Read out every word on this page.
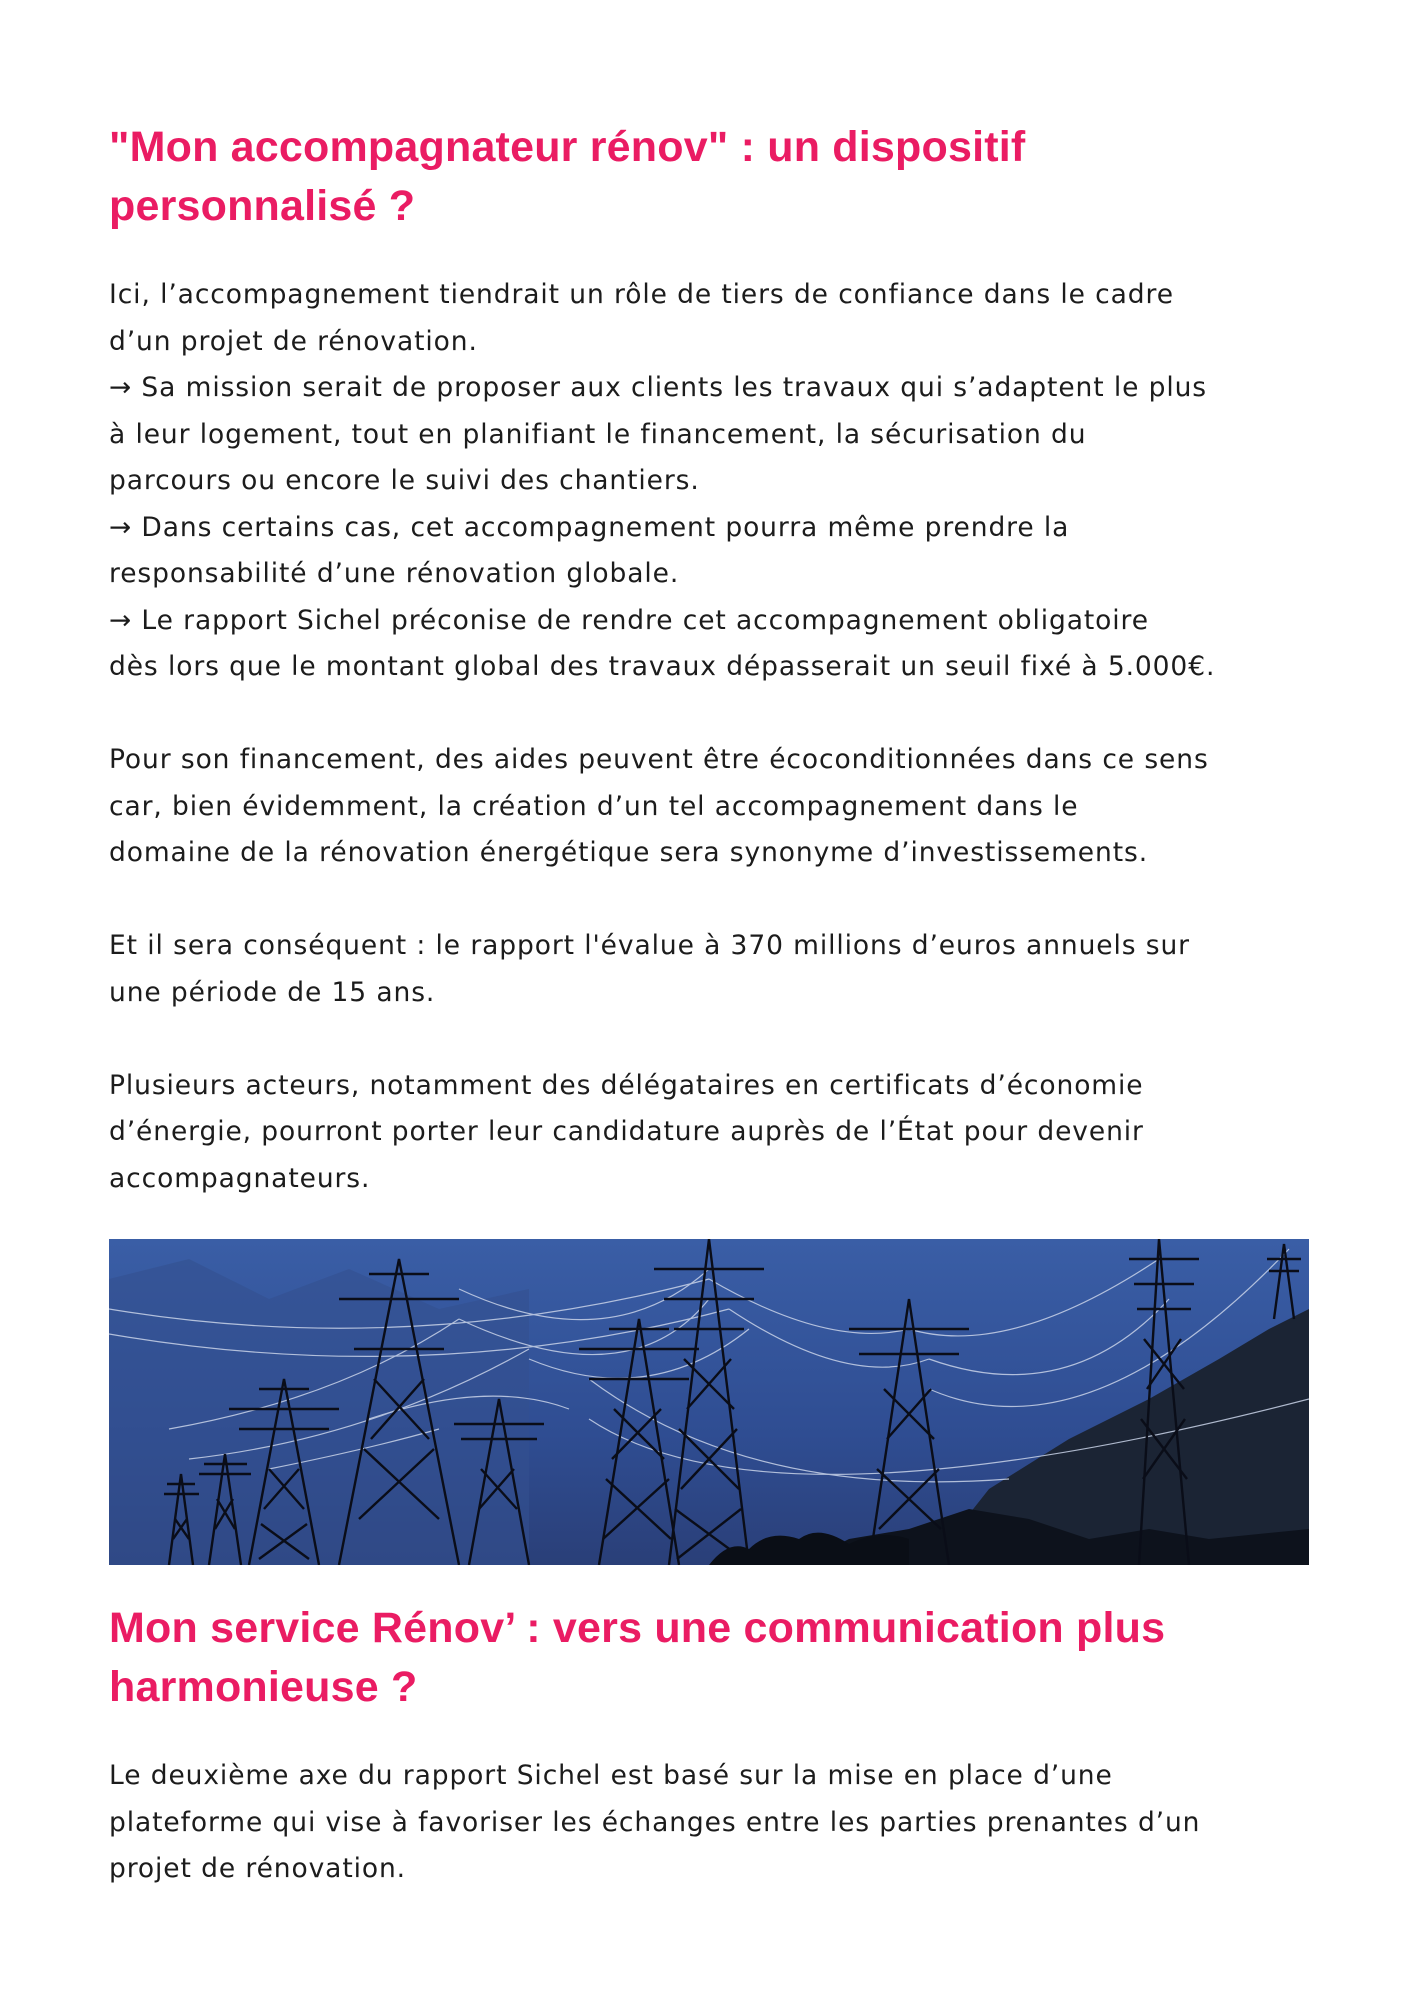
"Mon accompagnateur rénov" : un dispositif
personnalisé ?

Ici, l’accompagnement tiendrait un rôle de tiers de confiance dans le cadre
d’un projet de rénovation.
→ Sa mission serait de proposer aux clients les travaux qui s’adaptent le plus
à leur logement, tout en planifiant le financement, la sécurisation du
parcours ou encore le suivi des chantiers.
→ Dans certains cas, cet accompagnement pourra même prendre la
responsabilité d’une rénovation globale.
→ Le rapport Sichel préconise de rendre cet accompagnement obligatoire
dès lors que le montant global des travaux dépasserait un seuil fixé à 5.000€.

Pour son financement, des aides peuvent être écoconditionnées dans ce sens
car, bien évidemment, la création d’un tel accompagnement dans le
domaine de la rénovation énergétique sera synonyme d’investissements.

Et il sera conséquent : le rapport l'évalue à 370 millions d’euros annuels sur
une période de 15 ans.

Plusieurs acteurs, notamment des délégataires en certificats d’économie
d’énergie, pourront porter leur candidature auprès de l’État pour devenir
accompagnateurs.

Mon service Rénov’ : vers une communication plus
harmonieuse ?

Le deuxième axe du rapport Sichel est basé sur la mise en place d’une
plateforme qui vise à favoriser les échanges entre les parties prenantes d’un
projet de rénovation.
